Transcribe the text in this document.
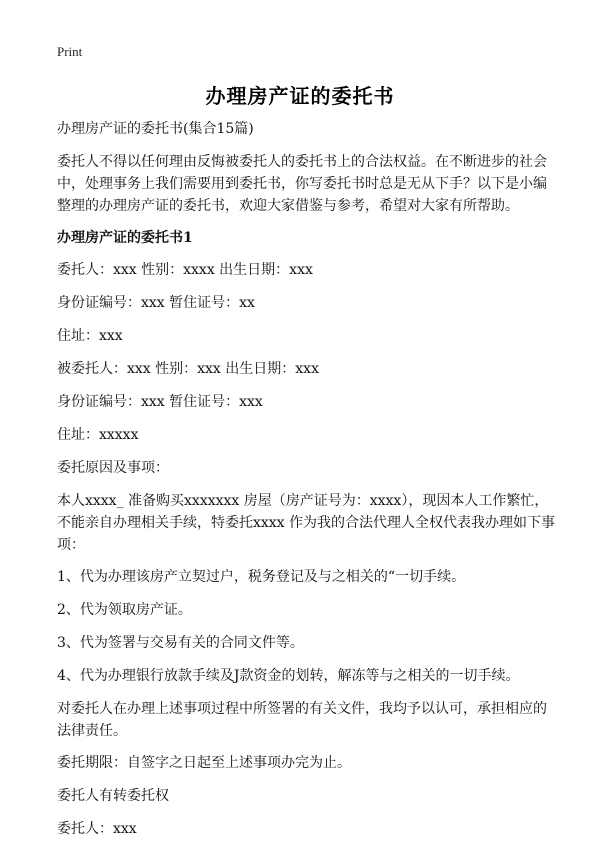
Print
办理房产证的委托书

办理房产证的委托书(集合15篇)

委托人不得以任何理由反悔被委托人的委托书上的合法权益。在不断进步的社会中，处理事务上我们需要用到委托书，你写委托书时总是无从下手？以下是小编整理的办理房产证的委托书，欢迎大家借鉴与参考，希望对大家有所帮助。

办理房产证的委托书1

委托人：xxx 性别：xxxx 出生日期：xxx

身份证编号：xxx 暂住证号：xx

住址：xxx

被委托人：xxx 性别：xxx 出生日期：xxx

身份证编号：xxx 暂住证号：xxx

住址：xxxxx

委托原因及事项：

本人xxxx_ 准备购买xxxxxxx 房屋（房产证号为：xxxx），现因本人工作繁忙，不能亲自办理相关手续，特委托xxxx 作为我的合法代理人全权代表我办理如下事项：

1、代为办理该房产立契过户，税务登记及与之相关的“一切手续。

2、代为领取房产证。

3、代为签署与交易有关的合同文件等。

4、代为办理银行放款手续及J款资金的划转，解冻等与之相关的一切手续。

对委托人在办理上述事项过程中所签署的有关文件，我均予以认可，承担相应的法律责任。

委托期限：自签字之日起至上述事项办完为止。

委托人有转委托权

委托人：xxx
